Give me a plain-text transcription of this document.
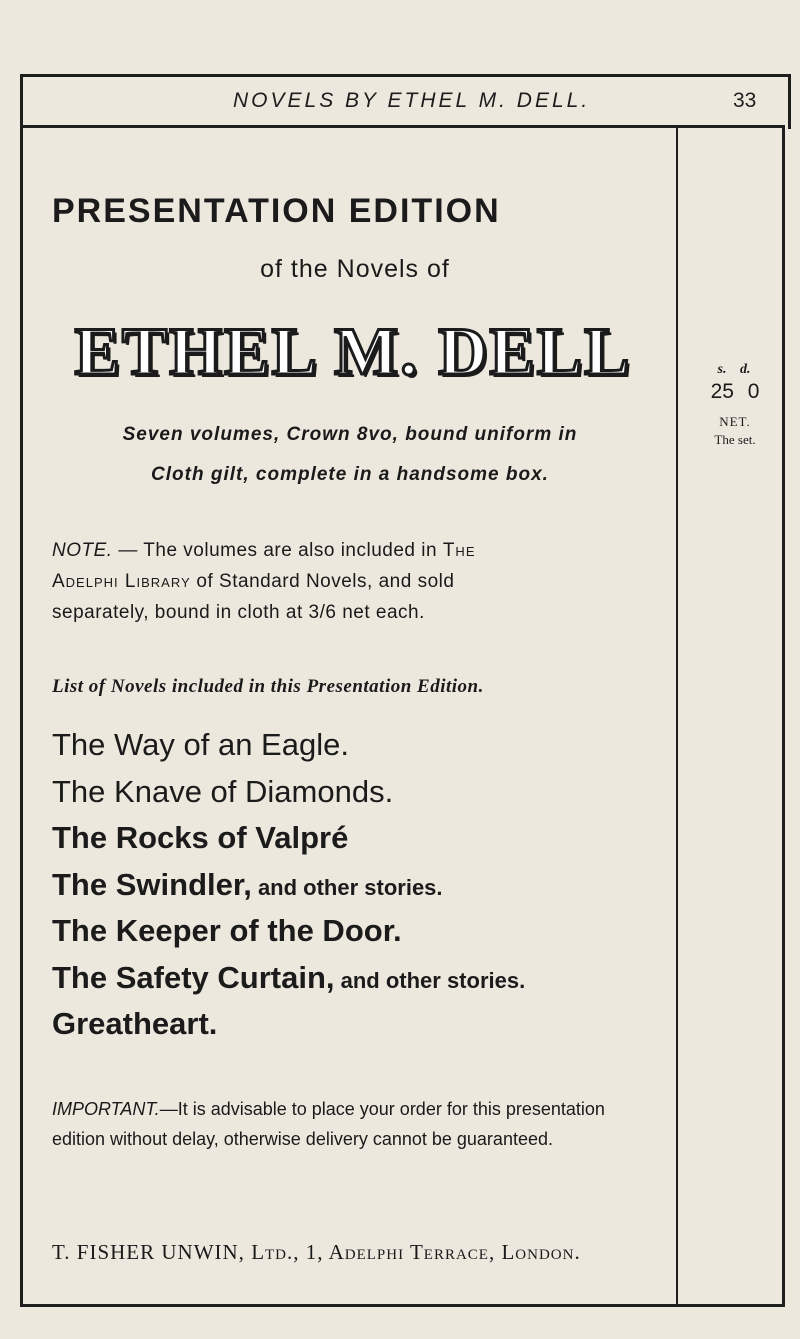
NOVELS BY ETHEL M. DELL.	33
PRESENTATION EDITION
of the Novels of
ETHEL M. DELL
Seven volumes, Crown 8vo, bound uniform in
Cloth gilt, complete in a handsome box.
NOTE. — The volumes are also included in The
Adelphi Library of Standard Novels, and sold
separately, bound in cloth at 3/6 net each.
List of Novels included in this Presentation Edition.
The Way of an Eagle.
The Knave of Diamonds.
The Rocks of Valpré
The Swindler, and other stories.
The Keeper of the Door.
The Safety Curtain, and other stories.
Greatheart.
IMPORTANT.—It is advisable to place your order for this presentation edition without delay, otherwise delivery cannot be guaranteed.
T. FISHER UNWIN, Ltd., 1, Adelphi Terrace, London.
s. d.
25 0
NET.
The set.
